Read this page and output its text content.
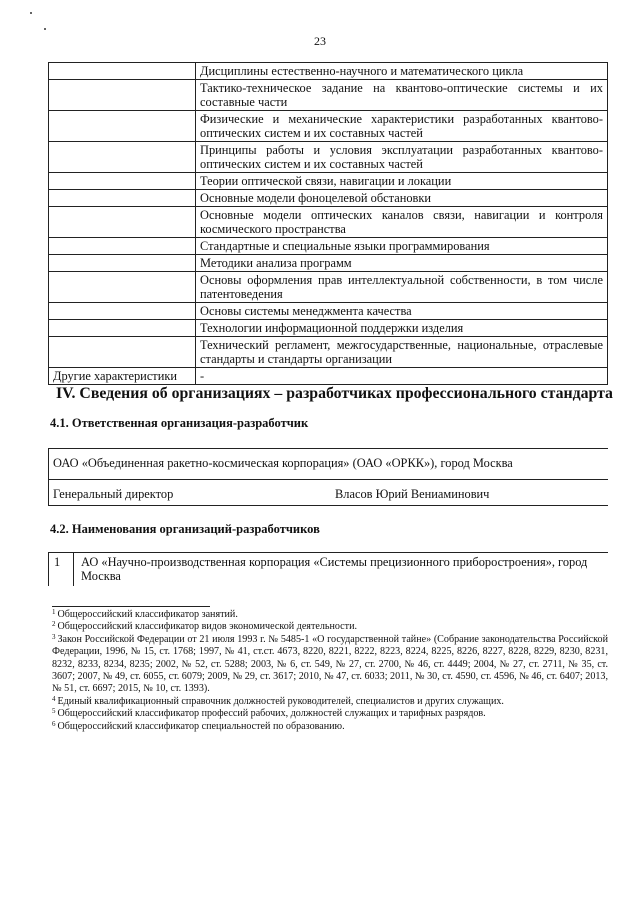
23
	Дисциплины естественно-научного и математического цикла
	Тактико-техническое задание на квантово-оптические системы и их составные части
	Физические и механические характеристики разработанных квантово-оптических систем и их составных частей
	Принципы работы и условия эксплуатации разработанных квантово-оптических систем и их составных частей
	Теории оптической связи, навигации и локации
	Основные модели фоноцелевой обстановки
	Основные модели оптических каналов связи, навигации и контроля космического пространства
	Стандартные и специальные языки программирования
	Методики анализа программ
	Основы оформления прав интеллектуальной собственности, в том числе патентоведения
	Основы системы менеджмента качества
	Технологии информационной поддержки изделия
	Технический регламент, межгосударственные, национальные, отраслевые стандарты и стандарты организации
Другие характеристики	-
IV. Сведения об организациях – разработчиках профессионального стандарта
4.1. Ответственная организация-разработчик
ОАО «Объединенная ракетно-космическая корпорация» (ОАО «ОРКК»), город Москва
Генеральный директор	Власов Юрий Вениаминович
4.2. Наименования организаций-разработчиков
1 АО «Научно-производственная корпорация «Системы прецизионного приборостроения», город Москва

$^1$ Общероссийский классификатор занятий.

$^2$ Общероссийский классификатор видов экономической деятельности.

$^3$ Закон Российской Федерации от 21 июля 1993 г. № 5485-1 «О государственной тайне» (Собрание законодательства Российской Федерации, 1996, № 15, ст. 1768; 1997, № 41, ст.ст. 4673, 8220, 8221, 8222, 8223, 8224, 8225, 8226, 8227, 8228, 8229, 8230, 8231, 8232, 8233, 8234, 8235; 2002, № 52, ст. 5288; 2003, № 6, ст. 549, № 27, ст. 2700, № 46, ст. 4449; 2004, № 27, ст. 2711, № 35, ст. 3607; 2007, № 49, ст. 6055, ст. 6079; 2009, № 29, ст. 3617; 2010, № 47, ст. 6033; 2011, № 30, ст. 4590, ст. 4596, № 46, ст. 6407; 2013, № 51, ст. 6697; 2015, № 10, ст. 1393).

$^4$ Единый квалификационный справочник должностей руководителей, специалистов и других служащих.

$^5$ Общероссийский классификатор профессий рабочих, должностей служащих и тарифных разрядов.

$^6$ Общероссийский классификатор специальностей по образованию.
